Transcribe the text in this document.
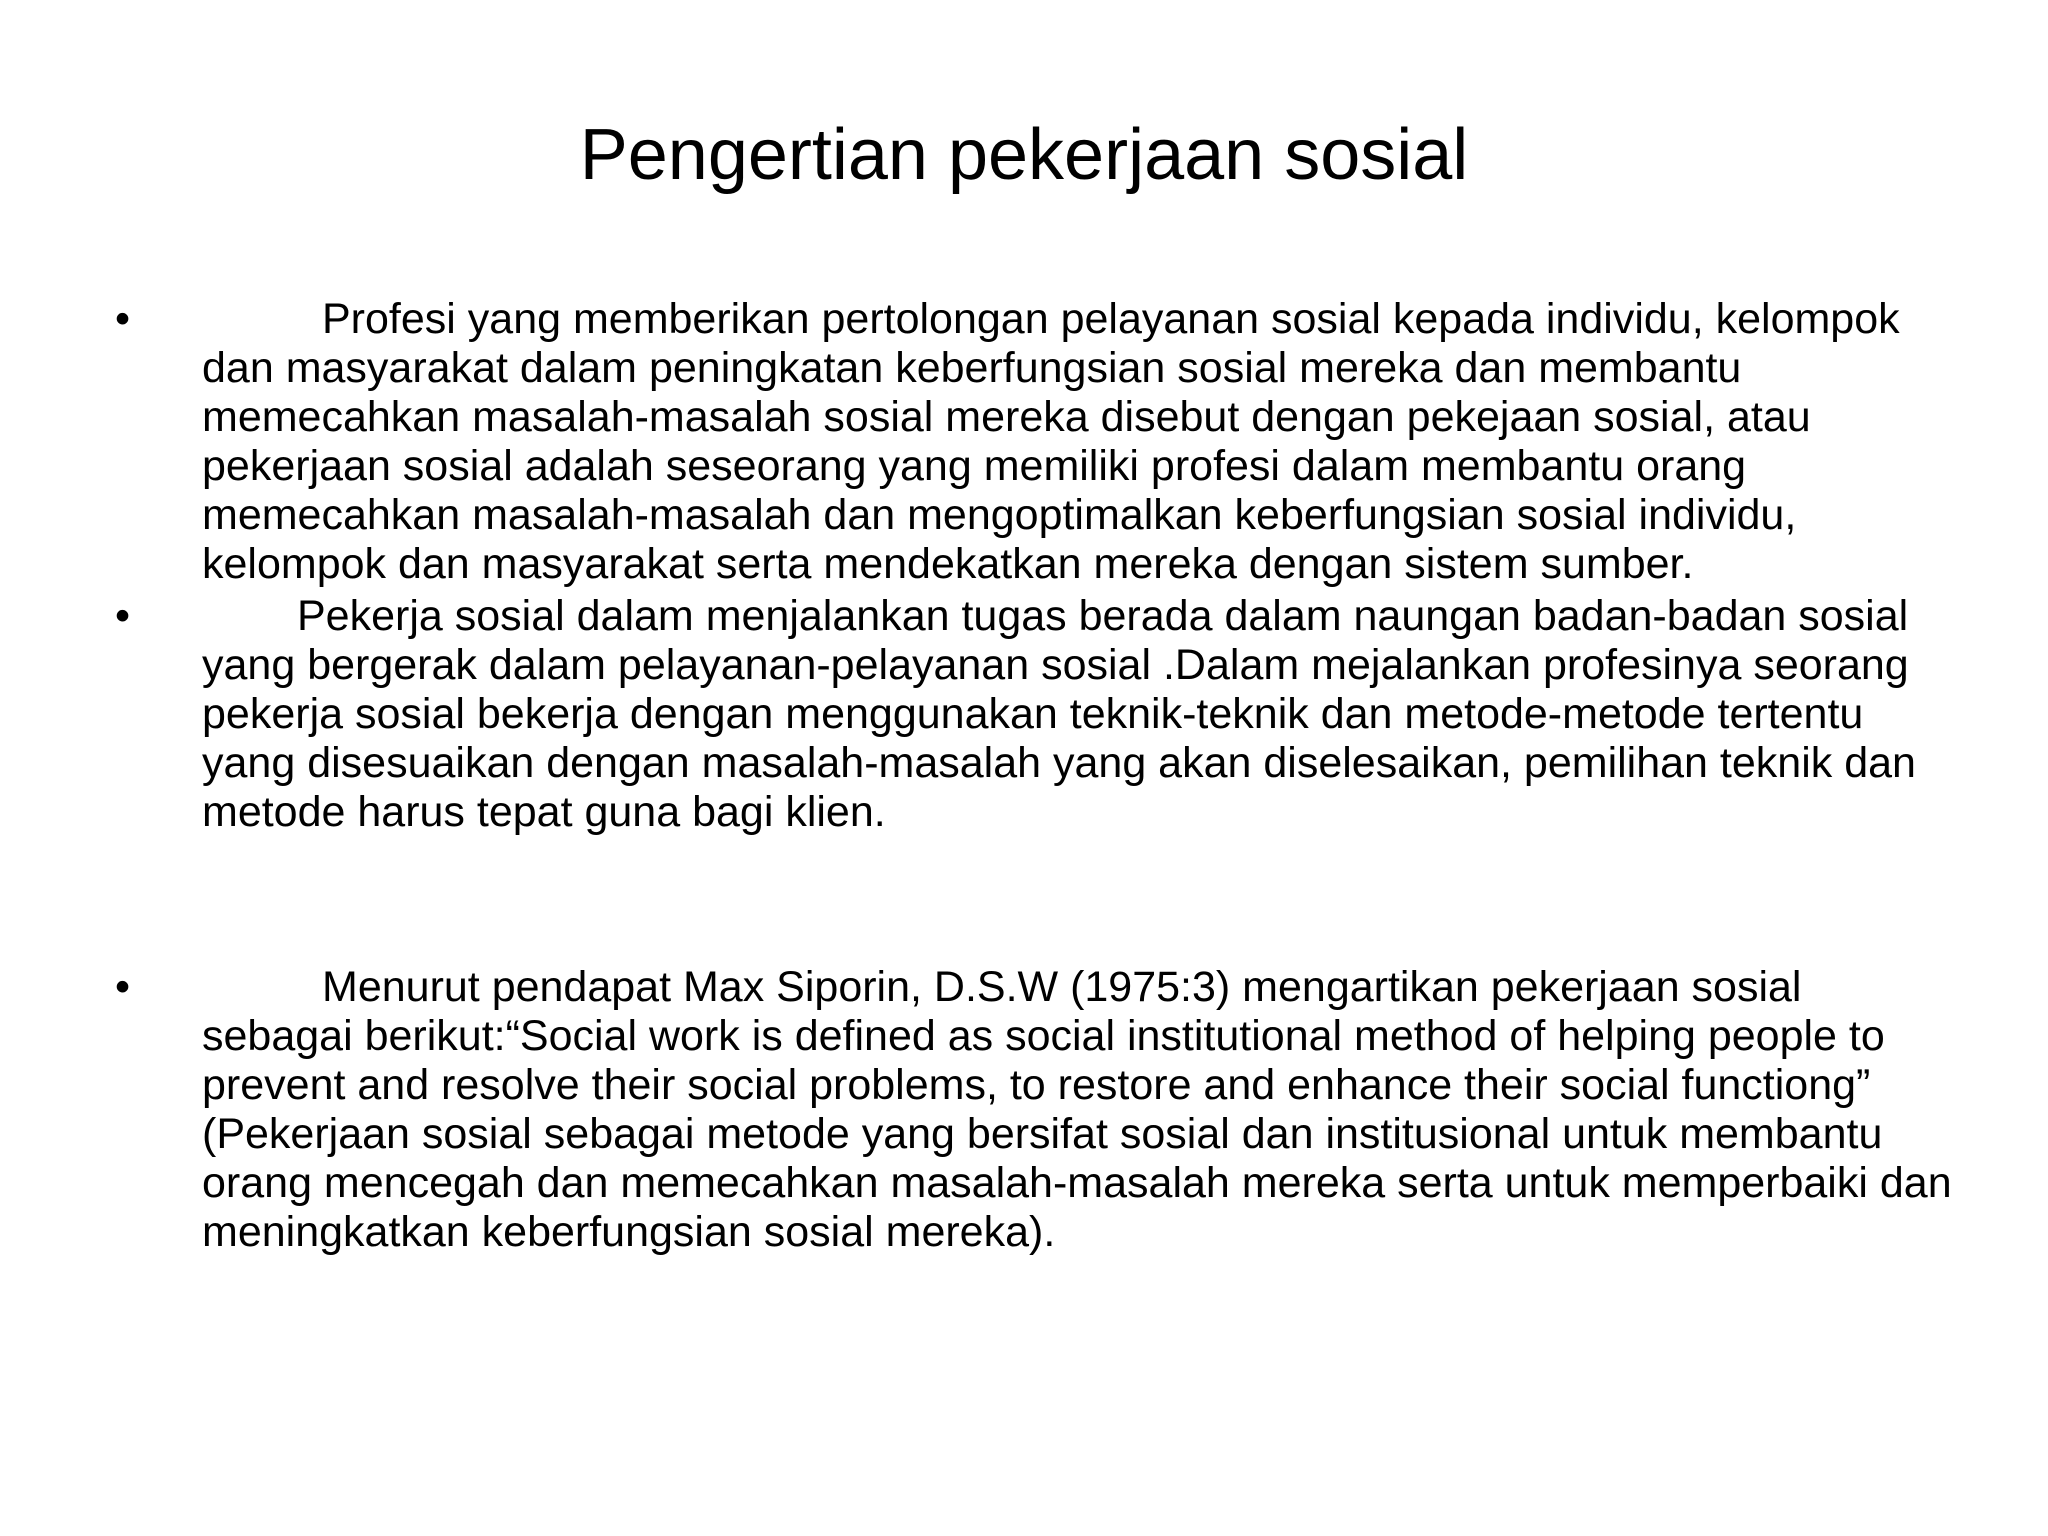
Pengertian pekerjaan sosial
•	Profesi yang memberikan pertolongan pelayanan sosial kepada individu, kelompok dan masyarakat dalam peningkatan keberfungsian sosial mereka dan membantu memecahkan masalah-masalah sosial mereka disebut dengan pekejaan sosial, atau pekerjaan sosial adalah seseorang yang memiliki profesi dalam membantu orang memecahkan masalah-masalah dan mengoptimalkan keberfungsian sosial individu, kelompok dan masyarakat serta mendekatkan mereka dengan sistem sumber.
•	Pekerja sosial dalam menjalankan tugas berada dalam naungan badan-badan sosial yang bergerak dalam pelayanan-pelayanan sosial .Dalam mejalankan profesinya seorang pekerja sosial bekerja dengan menggunakan teknik-teknik dan metode-metode tertentu yang disesuaikan dengan masalah-masalah yang akan diselesaikan, pemilihan teknik dan metode harus tepat guna bagi klien.
•	Menurut pendapat Max Siporin, D.S.W (1975:3) mengartikan pekerjaan sosial sebagai berikut:“Social work is defined as social institutional method of helping people to prevent and resolve their social problems, to restore and enhance their social functiong” (Pekerjaan sosial sebagai metode yang bersifat sosial dan institusional untuk membantu orang mencegah dan memecahkan masalah-masalah mereka serta untuk memperbaiki dan meningkatkan keberfungsian sosial mereka).
